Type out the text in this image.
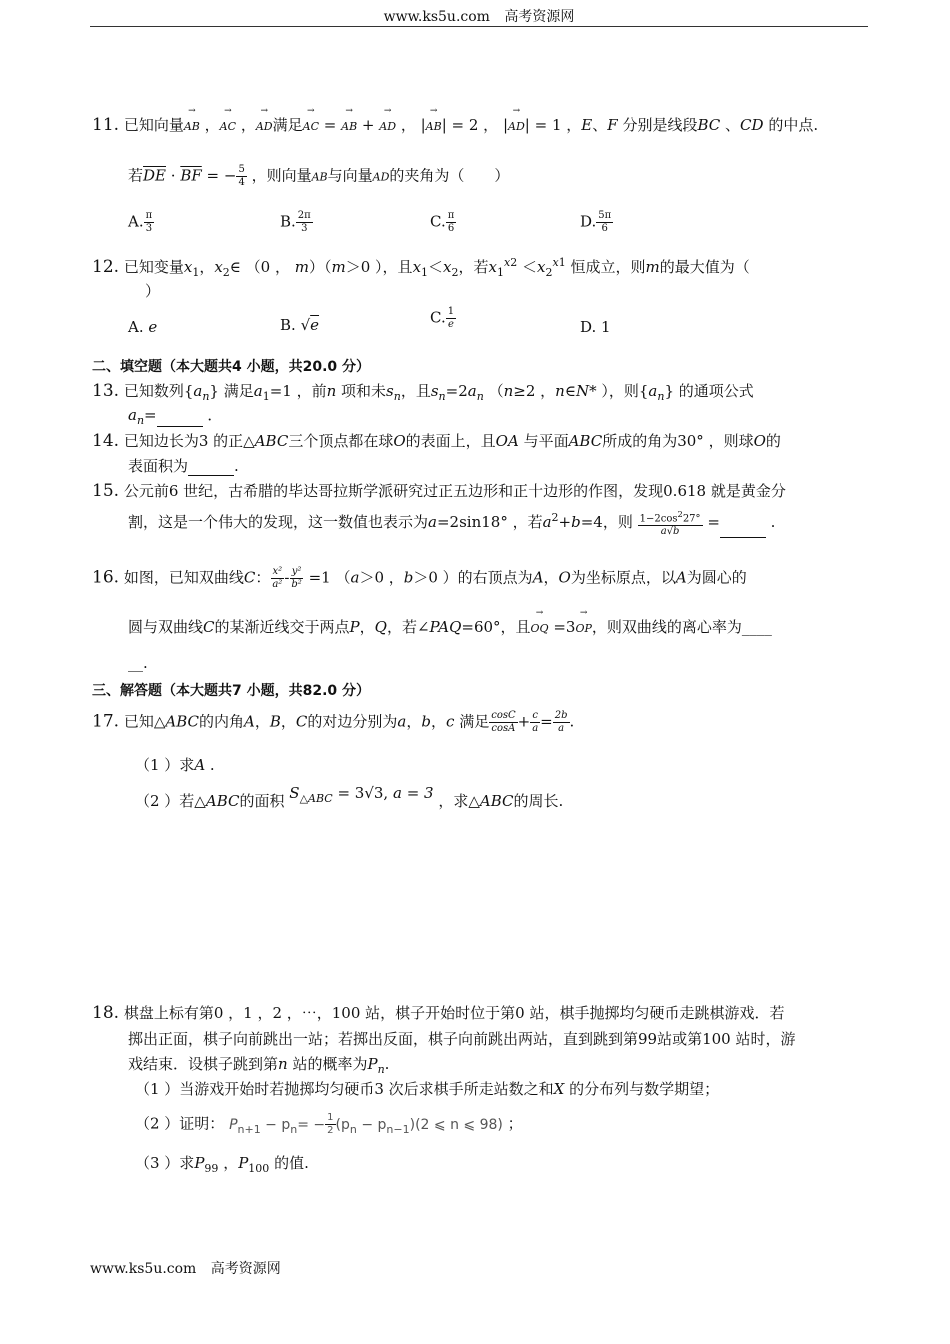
www.ks5u.com 高考资源网
11. 已知向量→ AB ，→ AC ，→ AD满足→ AC = → AB + → AD ， |→ AB| = 2 ， |→ AD| = 1 ，E、F 分别是线段BC 、CD 的中点.
若$\overline{DE} \cdot \overline{BF}$ = − $\frac{5}{4}$ ，则向量AB与向量AD的夹角为（　　）
A. $\frac{\pi}{3}$	B. $\frac{2\pi}{3}$	C. $\frac{\pi}{6}$	D. $\frac{5\pi}{6}$
12. 已知变量$x_1$，$x_2\in$ （0 ， m）（m＞0 ），且$x_1<x_2$，若$x_1^{x2} <x_2^{x1}$ 恒成立，则m的最大值为（
）
A. e	B. √e	C. $\frac{1}{e}$	D. 1
二、填空题（本大题共4 小题，共20.0 分）
13. 已知数列$\{a_n\}$ 满足$a_1=1$ ，前n 项和未$s_n$，且$s_n=2a_n$ （n≥2 ，n∈N* ），则$\{a_n\}$ 的通项公式
$a_n=$	．
14. 已知边长为3 的正△ABC三个顶点都在球O的表面上，且OA 与平面ABC所成的角为30° ，则球O的
表面积为	.
15. 公元前6 世纪，古希腊的毕达哥拉斯学派研究过正五边形和正十边形的作图，发现0.618 就是黄金分
割，这是一个伟大的发现，这一数值也表示为a=2sin18° ，若$a^2+b=4$，则 $\frac{1-2\cos^227^\circ}{a√b}$ =	.
16. 如图，已知双曲线C： $\frac{\text{x²}}{\text{a²}} - \frac{\text{y²}}{\text{b²}} =1$ （a＞0 ，b＞0 ）的右顶点为A，O为坐标原点，以A为圆心的
圆与双曲线C的某渐近线交于两点P，Q，若∠PAQ=60°，且→ OQ =3→ OP，则双曲线的离心率为____
__.
三、解答题（本大题共7 小题，共82.0 分）
17. 已知△ABC的内角A，B，C的对边分别为a，b，c 满足 $\frac{\cos C}{\cos A} + \frac{c}{a} = \frac{2b}{a}$ .
（1 ）求A .
（2 ）若△ABC的面积 $S_{\triangle ABC} = 3√3$, a = 3 ，求△ABC的周长.
18. 棋盘上标有第0 ，1 ，2 ，⋯，100 站，棋子开始时位于第0 站，棋手抛掷均匀硬币走跳棋游戏．若
掷出正面，棋子向前跳出一站；若掷出反面，棋子向前跳出两站，直到跳到第99站或第100 站时，游
戏结束．设棋子跳到第n 站的概率为$P_n$.
（1 ）当游戏开始时若抛掷均匀硬币3 次后求棋手所走站数之和X 的分布列与数学期望；
（2 ）证明： $P_{n+1} - p_n= - \frac{1}{2} (p_n - p_{n-1})(2$ ⩽ n ⩽ 98) ；
（3 ）求$P_{99}$ ，$P_{100}$ 的值.
www.ks5u.com 高考资源网
